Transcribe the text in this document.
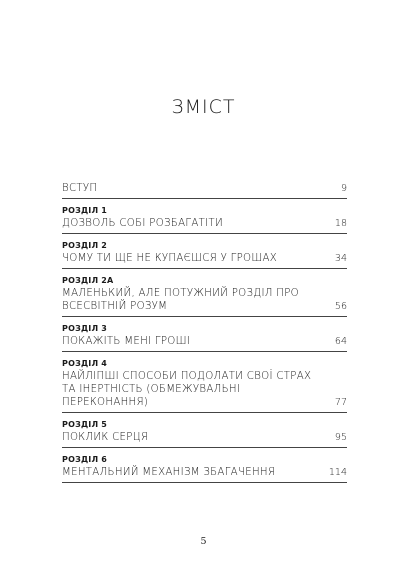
ЗМІСТ
ВСТУП	9
РОЗДІЛ 1
ДОЗВОЛЬ СОБІ РОЗБАГАТІТИ	18
РОЗДІЛ 2
ЧОМУ ТИ ЩЕ НЕ КУПАЄШСЯ У ГРОШАХ	34
РОЗДІЛ 2А
МАЛЕНЬКИЙ, АЛЕ ПОТУЖНИЙ РОЗДІЛ ПРО
ВСЕСВІТНІЙ РОЗУМ	56
РОЗДІЛ 3
ПОКАЖІТЬ МЕНІ ГРОШІ	64
РОЗДІЛ 4
НАЙЛІПШІ СПОСОБИ ПОДОЛАТИ СВОЇ СТРАХ
ТА ІНЕРТНІСТЬ (ОБМЕЖУВАЛЬНІ ПЕРЕКОНАННЯ)	77
РОЗДІЛ 5
ПОКЛИК СЕРЦЯ	95
РОЗДІЛ 6
МЕНТАЛЬНИЙ МЕХАНІЗМ ЗБАГАЧЕННЯ	114
5
